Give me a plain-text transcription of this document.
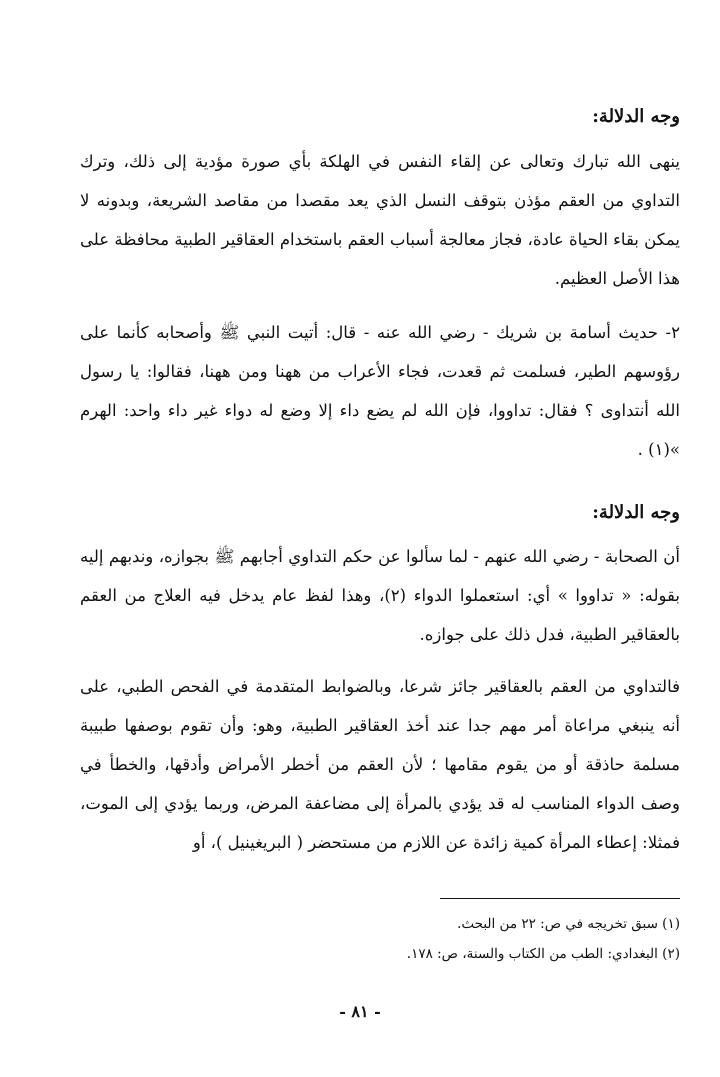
وجه الدلالة:

ينهى الله تبارك وتعالى عن إلقاء النفس في الهلكة بأي صورة مؤدية إلى ذلك، وترك التداوي من العقم مؤذن بتوقف النسل الذي يعد مقصدا من مقاصد الشريعة، وبدونه لا يمكن بقاء الحياة عادة، فجاز معالجة أسباب العقم باستخدام العقاقير الطبية محافظة على هذا الأصل العظيم.

٢- حديث أسامة بن شريك - رضي الله عنه - قال: أتيت النبي ﷺ وأصحابه كأنما على رؤوسهم الطير، فسلمت ثم قعدت، فجاء الأعراب من ههنا ومن ههنا، فقالوا: يا رسول الله أنتداوى ؟ فقال: تداووا، فإن الله لم يضع داء إلا وضع له دواء غير داء واحد: الهرم »(١) .

وجه الدلالة:

أن الصحابة - رضي الله عنهم - لما سألوا عن حكم التداوي أجابهم ﷺ بجوازه، وندبهم إليه بقوله: « تداووا » أي: استعملوا الدواء (٢)، وهذا لفظ عام يدخل فيه العلاج من العقم بالعقاقير الطبية، فدل ذلك على جوازه.

فالتداوي من العقم بالعقاقير جائز شرعا، وبالضوابط المتقدمة في الفحص الطبي، على أنه ينبغي مراعاة أمر مهم جدا عند أخذ العقاقير الطبية، وهو: وأن تقوم بوصفها طبيبة مسلمة حاذقة أو من يقوم مقامها ؛ لأن العقم من أخطر الأمراض وأدقها، والخطأ في وصف الدواء المناسب له قد يؤدي بالمرأة إلى مضاعفة المرض، وربما يؤدي إلى الموت، فمثلا: إعطاء المرأة كمية زائدة عن اللازم من مستحضر ( البريغينيل )، أو

(١) سبق تخريجه في ص: ٢٢ من البحث.
(٢) البغدادي: الطب من الكتاب والسنة، ص: ١٧٨.
- ٨١ -
